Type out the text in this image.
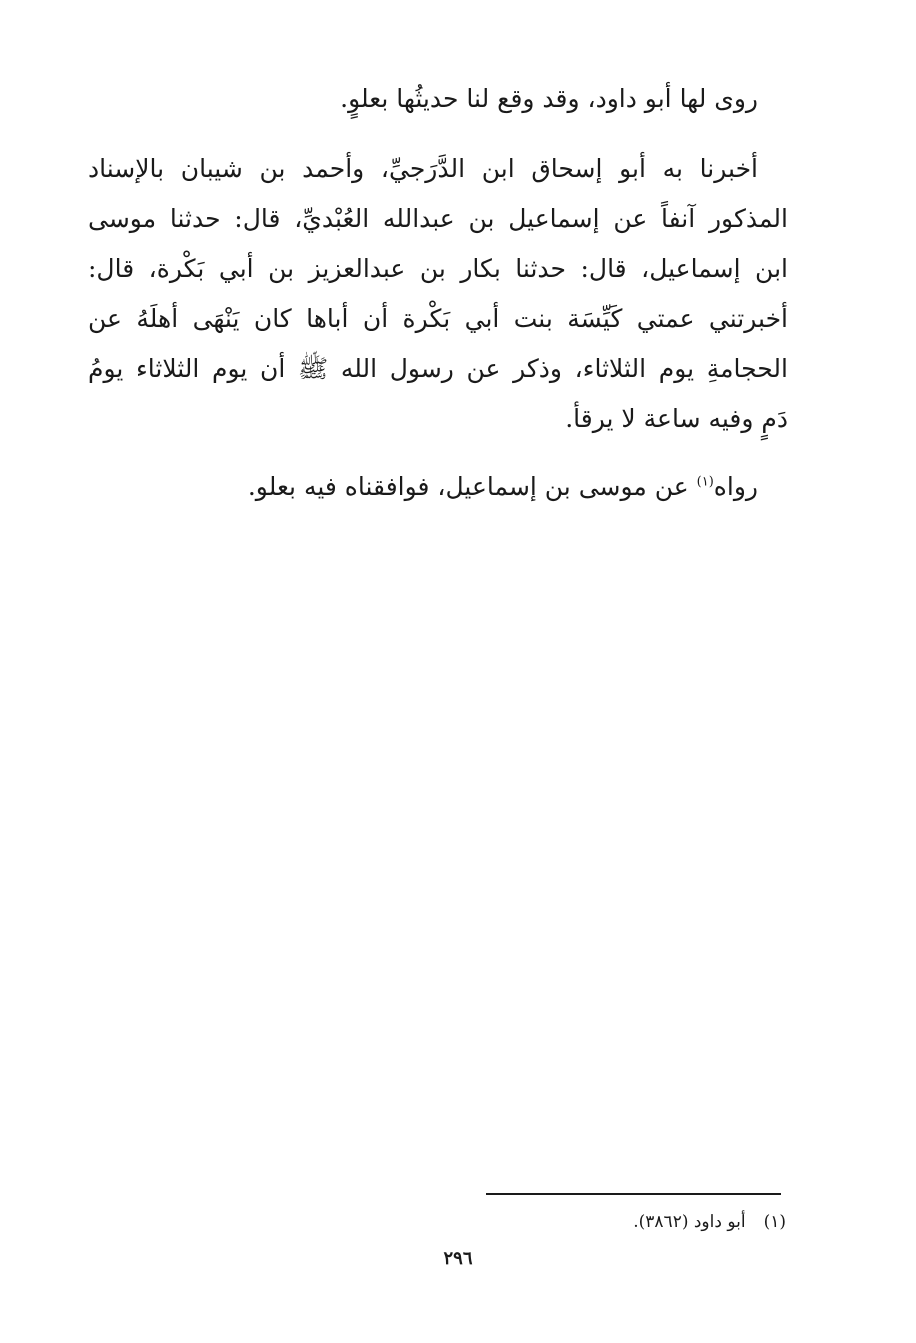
روى لها أبو داود، وقد وقع لنا حديثُها بعلوٍ.
أخبرنا به أبو إسحاق ابن الدَّرَجيِّ، وأحمد بن شيبان بالإسناد
المذكور آنفاً عن إسماعيل بن عبدالله العُبْديِّ، قال: حدثنا موسى
ابن إسماعيل، قال: حدثنا بكار بن عبدالعزيز بن أبي بَكْرة، قال:
أخبرتني عمتي كَيِّسَة بنت أبي بَكْرة أن أباها كان يَنْهَى أهلَهُ عن
الحجامةِ يوم الثلاثاء، وذكر عن رسول الله ﷺ أن يوم الثلاثاء يومُ
دَمٍ وفيه ساعة لا يرقأ.
رواه$^{(١)}$ عن موسى بن إسماعيل، فوافقناه فيه بعلو.
(١)أبو داود (٣٨٦٢).
٢٩٦
